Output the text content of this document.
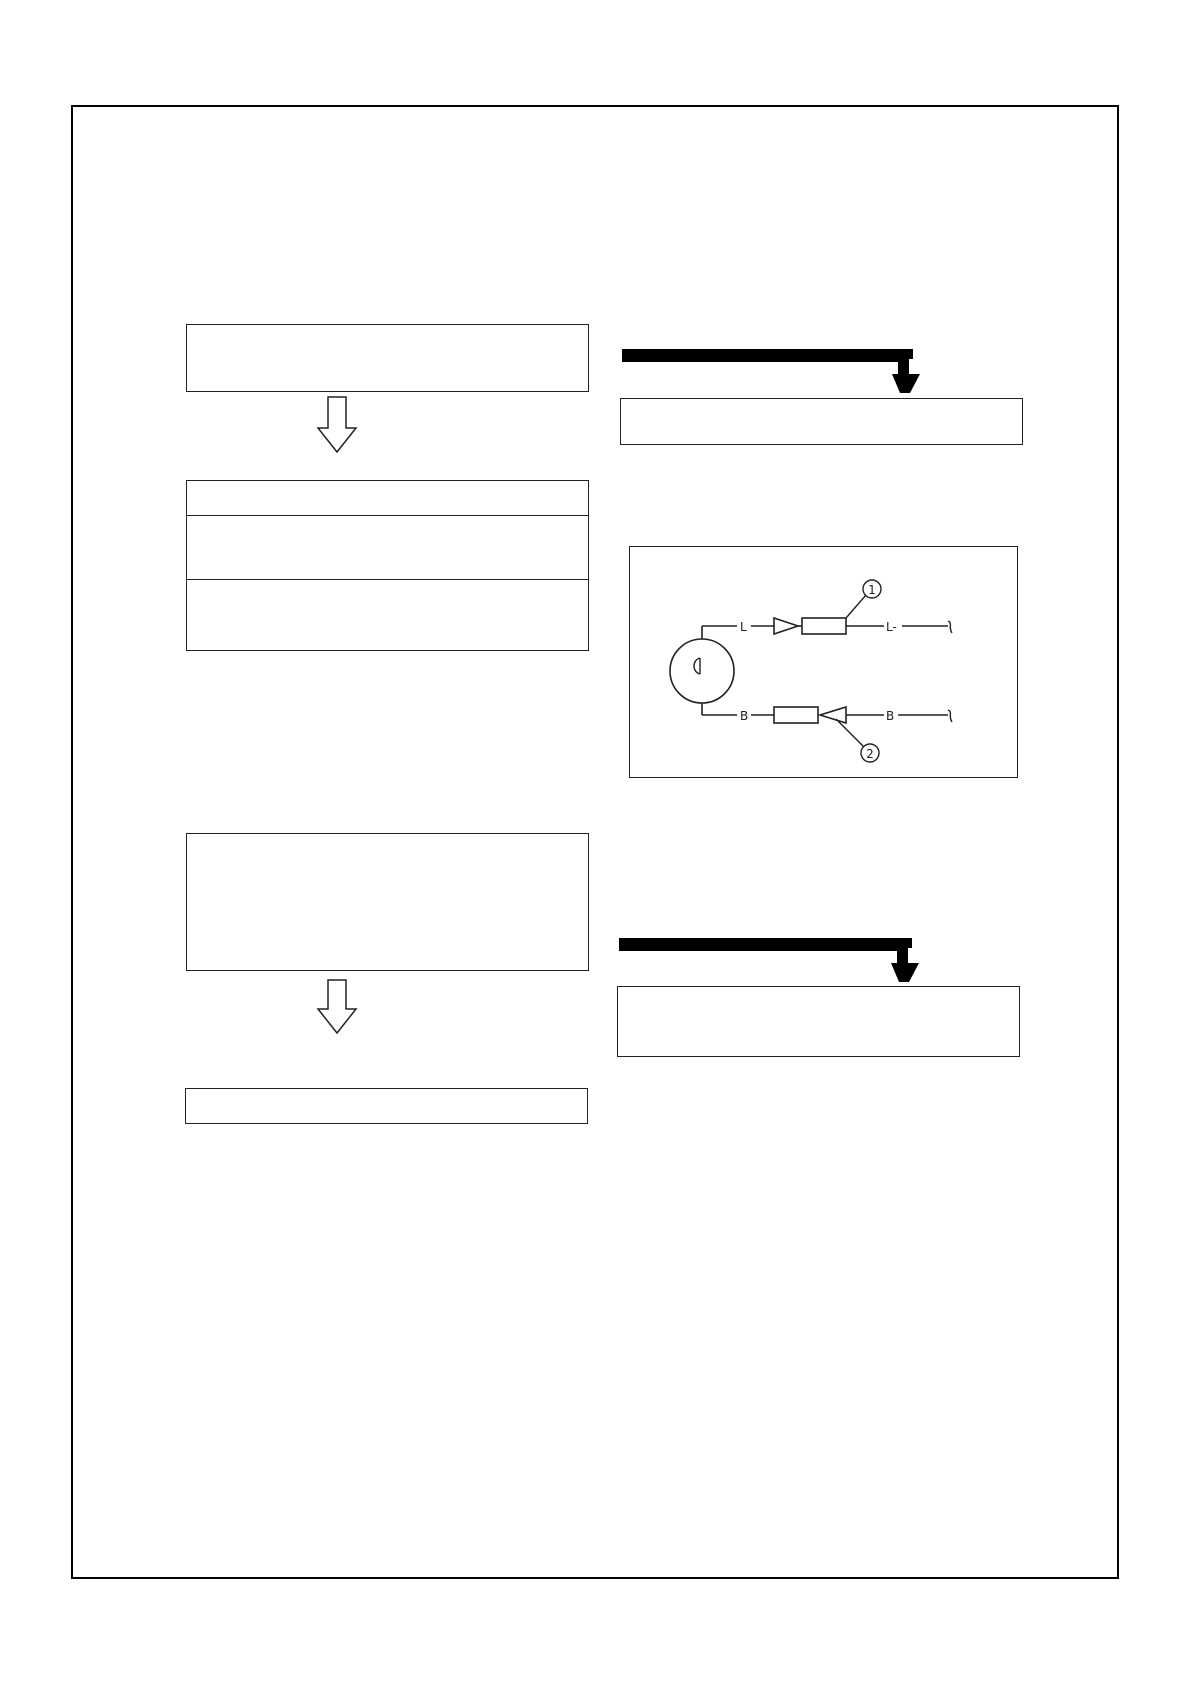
L	L-
1
B	B
2
